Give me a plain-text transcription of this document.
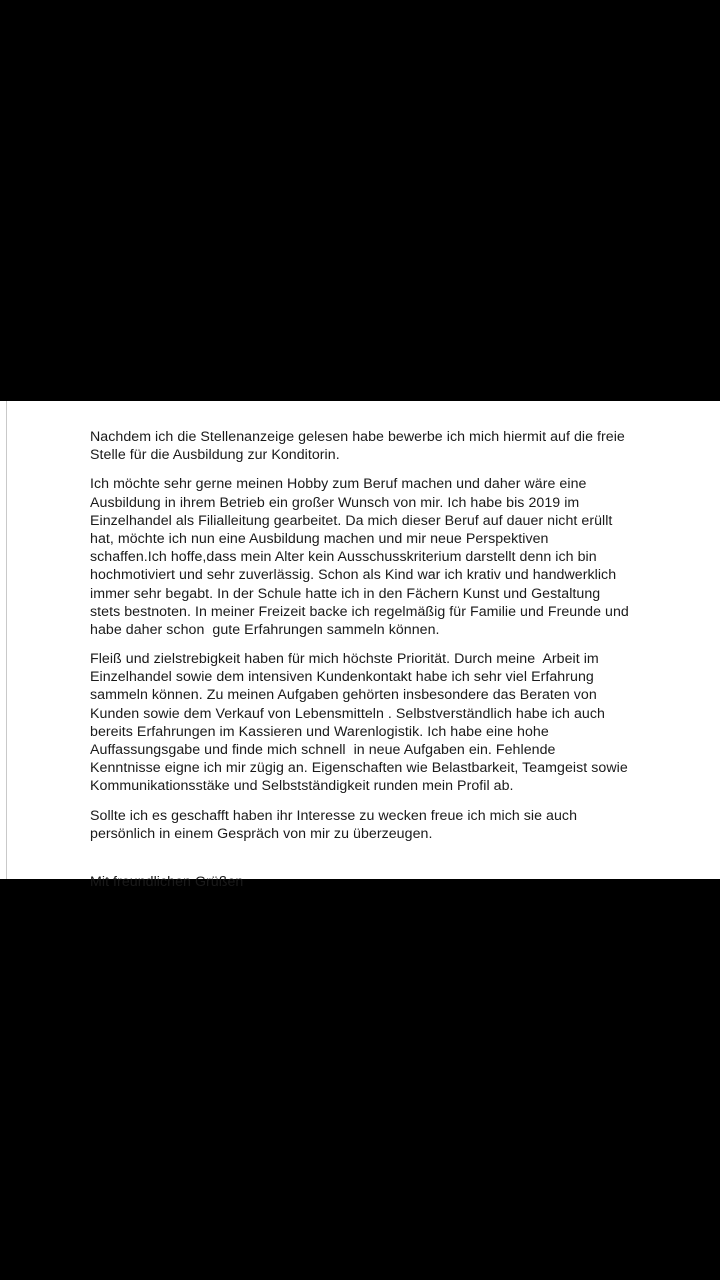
Nachdem ich die Stellenanzeige gelesen habe bewerbe ich mich hiermit auf die freie
Stelle für die Ausbildung zur Konditorin.
Ich möchte sehr gerne meinen Hobby zum Beruf machen und daher wäre eine
Ausbildung in ihrem Betrieb ein großer Wunsch von mir. Ich habe bis 2019 im
Einzelhandel als Filialleitung gearbeitet. Da mich dieser Beruf auf dauer nicht erüllt
hat, möchte ich nun eine Ausbildung machen und mir neue Perspektiven
schaffen.Ich hoffe,dass mein Alter kein Ausschusskriterium darstellt denn ich bin
hochmotiviert und sehr zuverlässig. Schon als Kind war ich krativ und handwerklich
immer sehr begabt. In der Schule hatte ich in den Fächern Kunst und Gestaltung
stets bestnoten. In meiner Freizeit backe ich regelmäßig für Familie und Freunde und
habe daher schon  gute Erfahrungen sammeln können.
Fleiß und zielstrebigkeit haben für mich höchste Priorität. Durch meine  Arbeit im
Einzelhandel sowie dem intensiven Kundenkontakt habe ich sehr viel Erfahrung
sammeln können. Zu meinen Aufgaben gehörten insbesondere das Beraten von
Kunden sowie dem Verkauf von Lebensmitteln . Selbstverständlich habe ich auch
bereits Erfahrungen im Kassieren und Warenlogistik. Ich habe eine hohe
Auffassungsgabe und finde mich schnell  in neue Aufgaben ein. Fehlende
Kenntnisse eigne ich mir zügig an. Eigenschaften wie Belastbarkeit, Teamgeist sowie
Kommunikationsstäke und Selbstständigkeit runden mein Profil ab.
Sollte ich es geschafft haben ihr Interesse zu wecken freue ich mich sie auch
persönlich in einem Gespräch von mir zu überzeugen.
Mit freundlichen Grüßen
